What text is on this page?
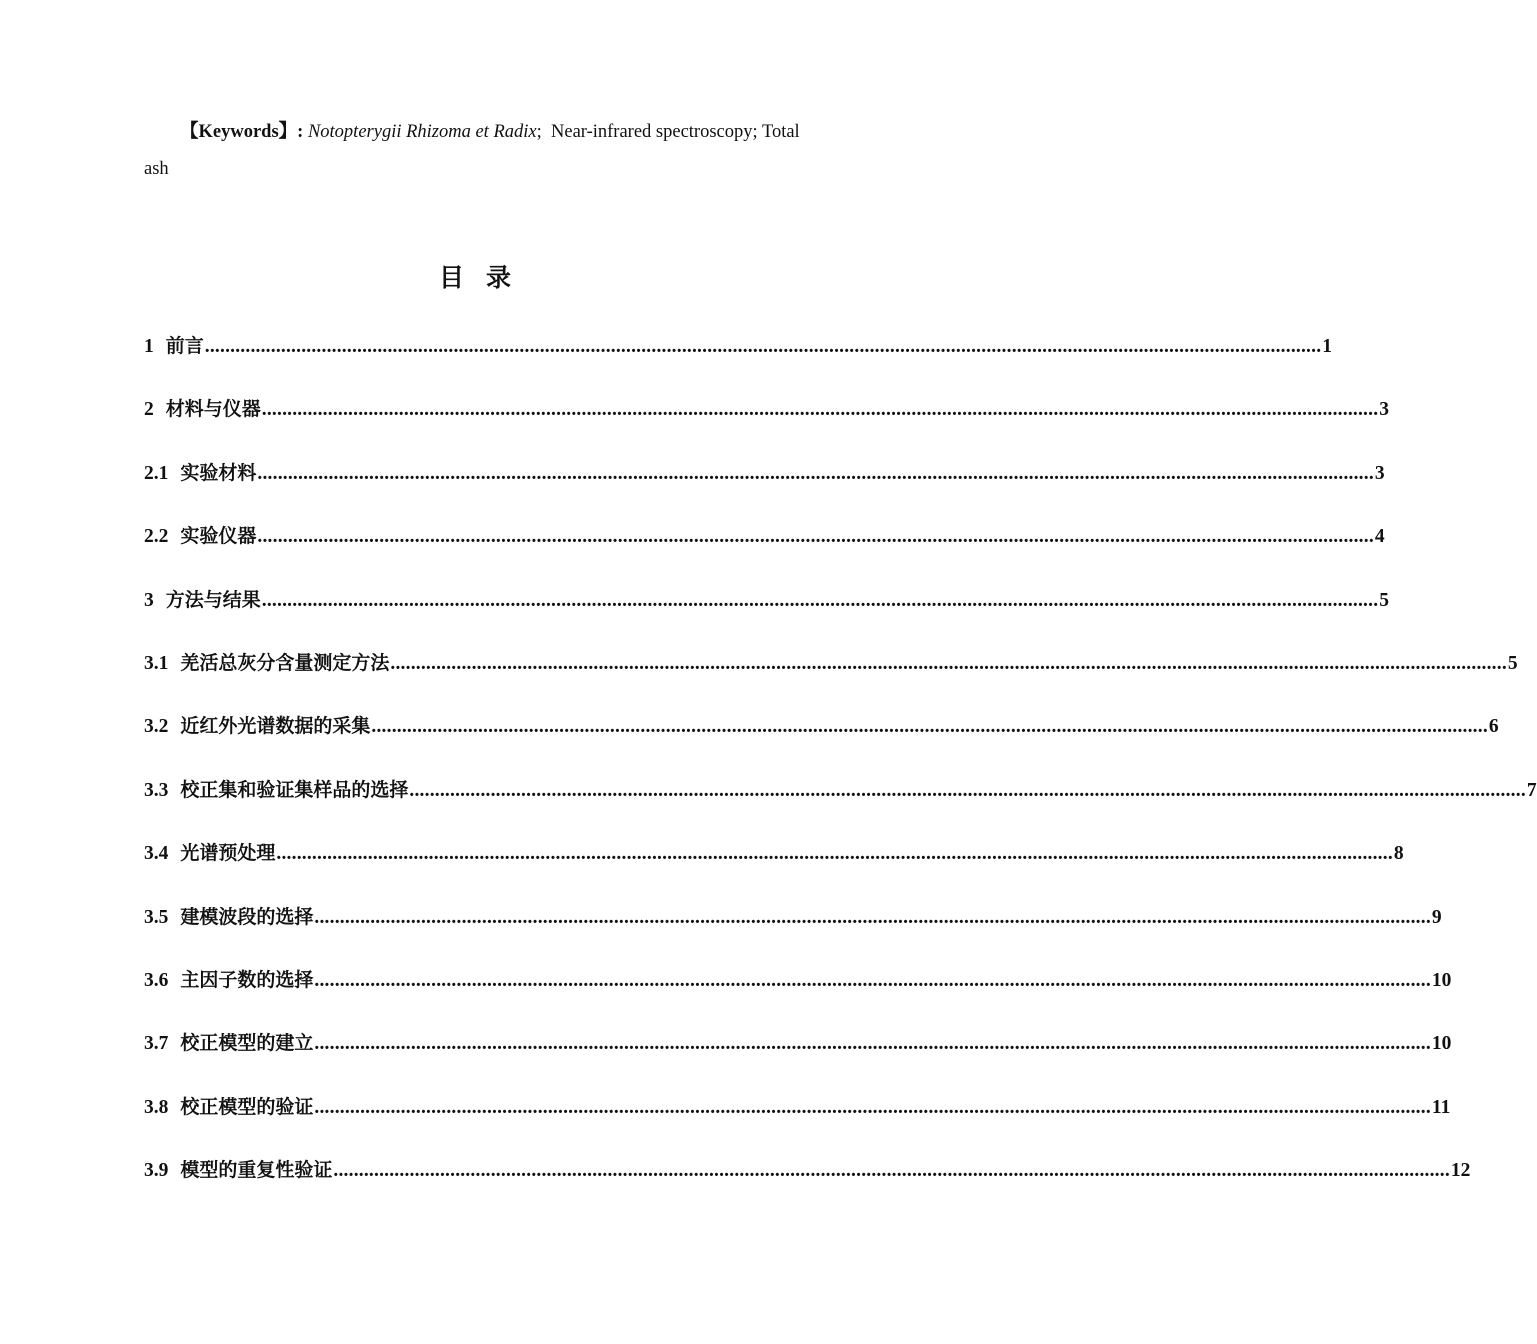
【Keywords】: Notopterygii Rhizoma et Radix; Near-infrared spectroscopy; Total ash
目录
1 前言 ............................................................................................................................................................................................................................ 1
2 材料与仪器 ............................................................................................................................................................................................................................ 3
2.1 实验材料 ............................................................................................................................................................................................................................ 3
2.2 实验仪器 ............................................................................................................................................................................................................................ 4
3 方法与结果 ............................................................................................................................................................................................................................ 5
3.1 羌活总灰分含量测定方法 ............................................................................................................................................................................................................................ 5
3.2 近红外光谱数据的采集 ............................................................................................................................................................................................................................ 6
3.3 校正集和验证集样品的选择 ............................................................................................................................................................................................................................ 7
3.4 光谱预处理 ............................................................................................................................................................................................................................ 8
3.5 建模波段的选择 ............................................................................................................................................................................................................................ 9
3.6 主因子数的选择 ............................................................................................................................................................................................................................ 10
3.7 校正模型的建立 ............................................................................................................................................................................................................................ 10
3.8 校正模型的验证 ............................................................................................................................................................................................................................ 11
3.9 模型的重复性验证 ............................................................................................................................................................................................................................ 12
